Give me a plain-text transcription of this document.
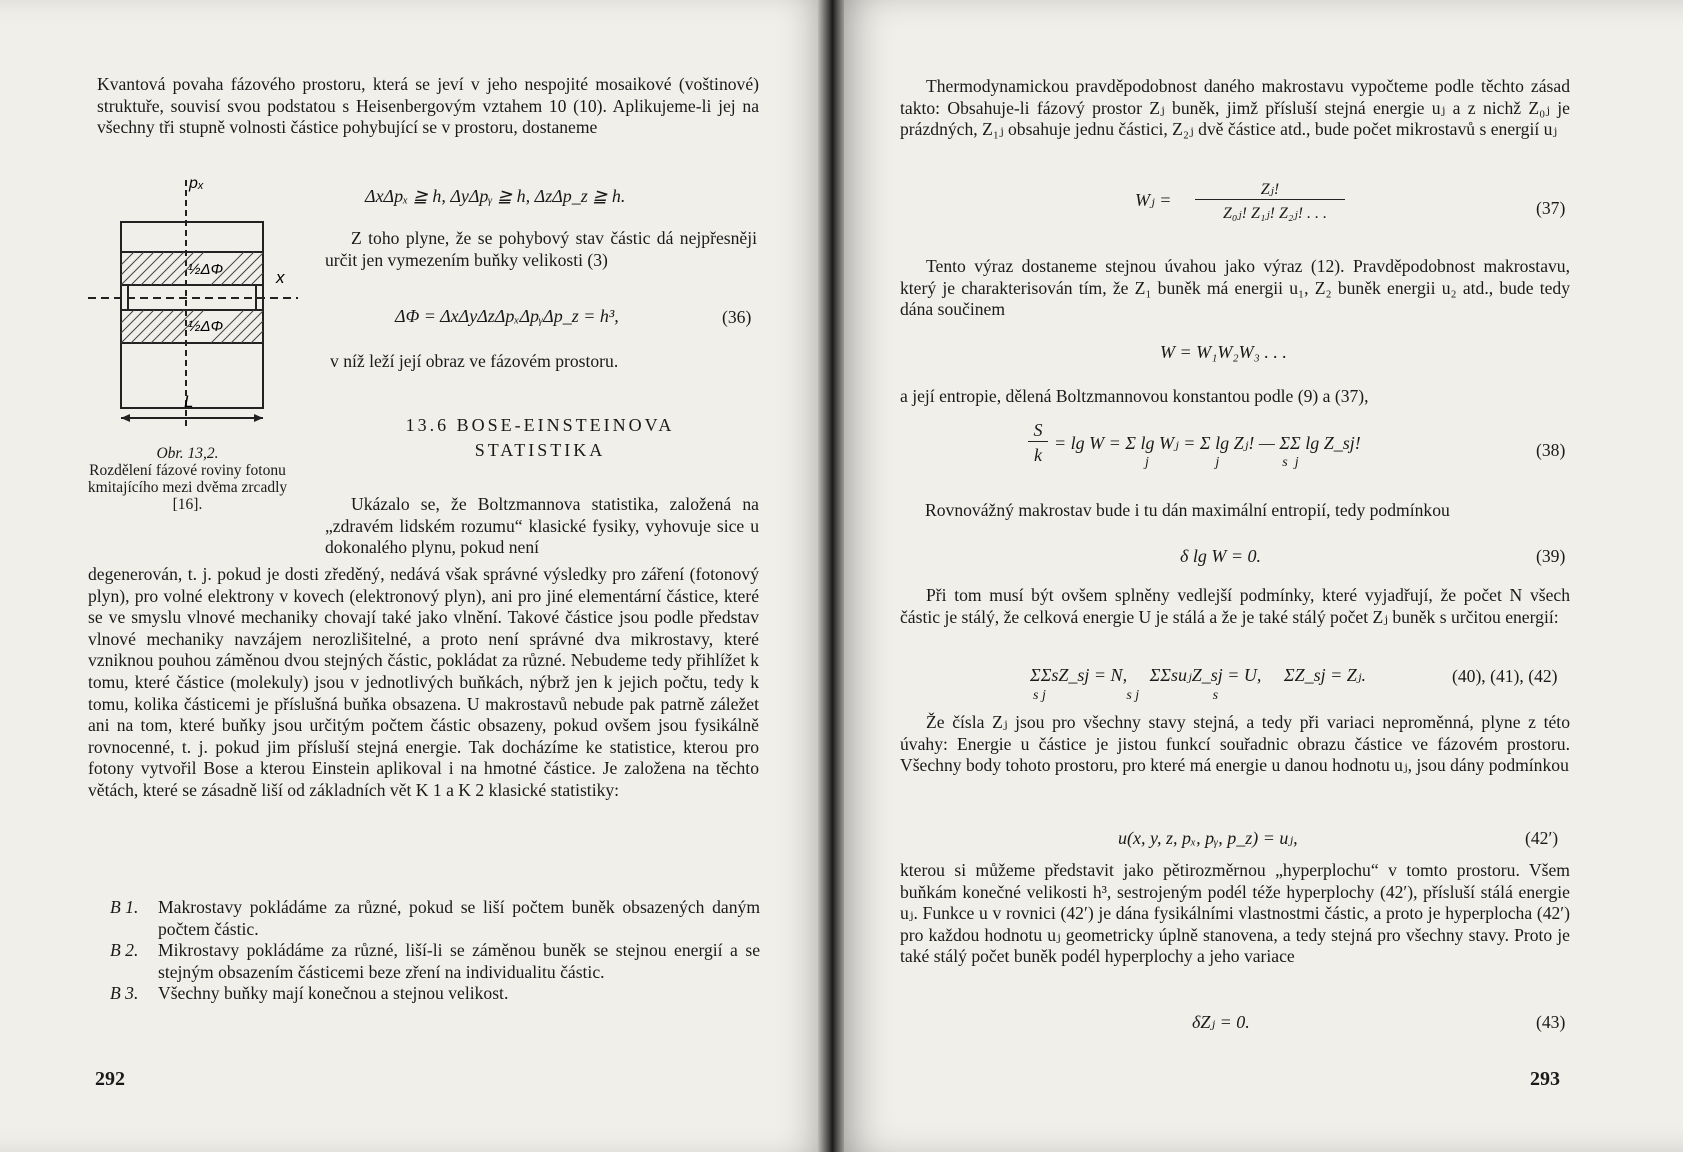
Kvantová povaha fázového prostoru, která se jeví v jeho nespojité mosaikové (voštinové) struktuře, souvisí svou podstatou s Heisenbergovým vztahem 10 (10). Aplikujeme-li jej na všechny tři stupně volnosti částice pohybující se v prostoru, dostaneme

pₓ
x
L
½ΔΦ
½ΔΦ
Obr. 13,2.
Rozdělení fázové roviny fotonu kmitajícího mezi dvěma zrcadly [16].
ΔxΔpₓ ≧ h, ΔyΔpᵧ ≧ h, ΔzΔp_z ≧ h.

Z toho plyne, že se pohybový stav částic dá nejpřesněji určit jen vymezením buňky velikosti (3)

ΔΦ = ΔxΔyΔzΔpₓΔpᵧΔp_z = h³,	(36)
v níž leží její obraz ve fázovém prostoru.
13.6 BOSE-EINSTEINOVA
STATISTIKA

Ukázalo se, že Boltzmannova statistika, založená na „zdravém lidském rozumu“ klasické fysiky, vyhovuje sice u dokonalého plynu, pokud není

degenerován, t. j. pokud je dosti zředěný, nedává však správné výsledky pro záření (fotonový plyn), pro volné elektrony v kovech (elektronový plyn), ani pro jiné elementární částice, které se ve smyslu vlnové mechaniky chovají také jako vlnění. Takové částice jsou podle představ vlnové mechaniky navzájem nerozlišitelné, a proto není správné dva mikrostavy, které vzniknou pouhou záměnou dvou stejných částic, pokládat za různé. Nebudeme tedy přihlížet k tomu, které částice (molekuly) jsou v jednotlivých buňkách, nýbrž jen k jejich počtu, tedy k tomu, kolika částicemi je příslušná buňka obsazena. U makrostavů nebude pak patrně záležet ani na tom, které buňky jsou určitým počtem částic obsazeny, pokud ovšem jsou fysikálně rovnocenné, t. j. pokud jim přísluší stejná energie. Tak docházíme ke statistice, kterou pro fotony vytvořil Bose a kterou Einstein aplikoval i na hmotné částice. Je založena na těchto větách, které se zásadně liší od základních vět K 1 a K 2 klasické statistiky:

B 1. Makrostavy pokládáme za různé, pokud se liší počtem buněk obsazených daným počtem částic.
B 2. Mikrostavy pokládáme za různé, liší-li se záměnou buněk se stejnou energií a se stejným obsazením částicemi beze zření na individualitu částic.
B 3. Všechny buňky mají konečnou a stejnou velikost.
292

Thermodynamickou pravděpodobnost daného makrostavu vypočteme podle těchto zásad takto: Obsahuje-li fázový prostor Zⱼ buněk, jimž přísluší stejná energie uⱼ a z nichž Z₀ⱼ je prázdných, Z₁ⱼ obsahuje jednu částici, Z₂ⱼ dvě částice atd., bude počet mikrostavů s energií uⱼ

Wⱼ =
Zⱼ!
Z₀ⱼ! Z₁ⱼ! Z₂ⱼ! . . .	(37)

Tento výraz dostaneme stejnou úvahou jako výraz (12). Pravděpodobnost makrostavu, který je charakterisován tím, že Z₁ buněk má energii u₁, Z₂ buněk energii u₂ atd., bude tedy dána součinem

W = W₁W₂W₃ . . .
a její entropie, dělená Boltzmannovou konstantou podle (9) a (37),
S
k
= lg W = Σ lg Wⱼ = Σ lg Zⱼ! — ΣΣ lg Z_sj!
j                   j                  s  j
(38)
Rovnovážný makrostav bude i tu dán maximální entropií, tedy podmínkou
δ lg W = 0.	(39)

Při tom musí být ovšem splněny vedlejší podmínky, které vyjadřují, že počet N všech částic je stálý, že celková energie U je stálá a že je také stálý počet Zⱼ buněk s určitou energií:

ΣΣsZ_sj = N,     ΣΣsuⱼZ_sj = U,     ΣZ_sj = Zⱼ.
s j                       s j                     s
(40), (41), (42)

Že čísla Zⱼ jsou pro všechny stavy stejná, a tedy při variaci neproměnná, plyne z této úvahy: Energie u částice je jistou funkcí souřadnic obrazu částice ve fázovém prostoru. Všechny body tohoto prostoru, pro které má energie u danou hodnotu uⱼ, jsou dány podmínkou

u(x, y, z, pₓ, pᵧ, p_z) = uⱼ,	(42′)

kterou si můžeme představit jako pětirozměrnou „hyperplochu“ v tomto prostoru. Všem buňkám konečné velikosti h³, sestrojeným podél téže hyperplochy (42′), přísluší stálá energie uⱼ. Funkce u v rovnici (42′) je dána fysikálními vlastnostmi částic, a proto je hyperplocha (42′) pro každou hodnotu uⱼ geometricky úplně stanovena, a tedy stejná pro všechny stavy. Proto je také stálý počet buněk podél hyperplochy a jeho variace

δZⱼ = 0.	(43)
293
